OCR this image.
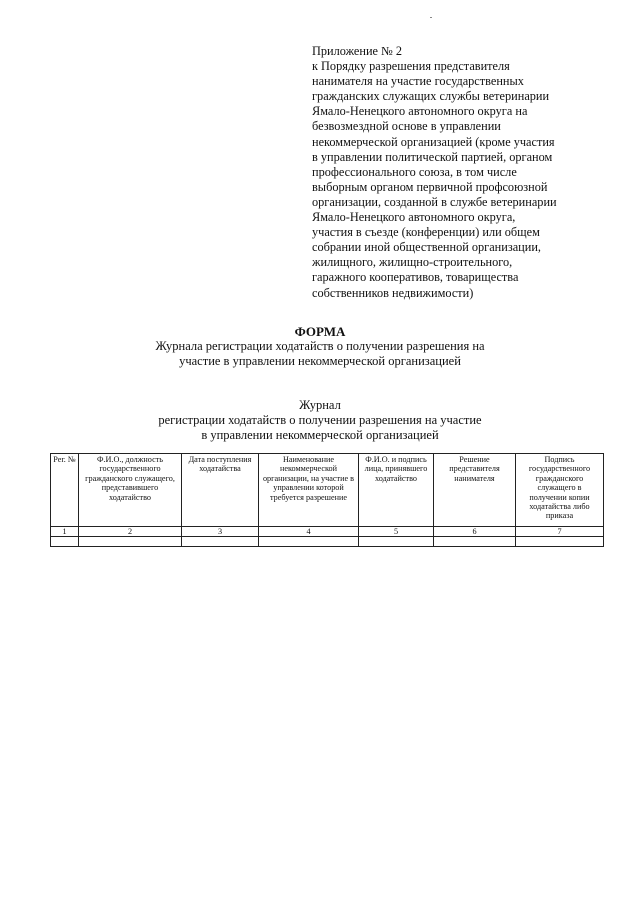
Приложение № 2
к Порядку разрешения представителя
нанимателя на участие государственных
гражданских служащих службы ветеринарии
Ямало-Ненецкого автономного округа на
безвозмездной основе в управлении
некоммерческой организацией (кроме участия
в управлении политической партией, органом
профессионального союза, в том числе
выборным органом первичной профсоюзной
организации, созданной в службе ветеринарии
Ямало-Ненецкого автономного округа,
участия в съезде (конференции) или общем
собрании иной общественной организации,
жилищного, жилищно-строительного,
гаражного кооперативов, товарищества
собственников недвижимости)
ФОРМА
Журнала регистрации ходатайств о получении разрешения на
участие в управлении некоммерческой организацией
Журнал
регистрации ходатайств о получении разрешения на участие
в управлении некоммерческой организацией
Рег. №	Ф.И.О., должность государственного гражданского служащего, представившего ходатайство	Дата поступления ходатайства	Наименование некоммерческой организации, на участие в управлении которой требуется разрешение	Ф.И.О. и подпись лица, принявшего ходатайство	Решение представителя нанимателя	Подпись государственного гражданского служащего в получении копии ходатайства либо приказа
1	2	3	4	5	6	7
